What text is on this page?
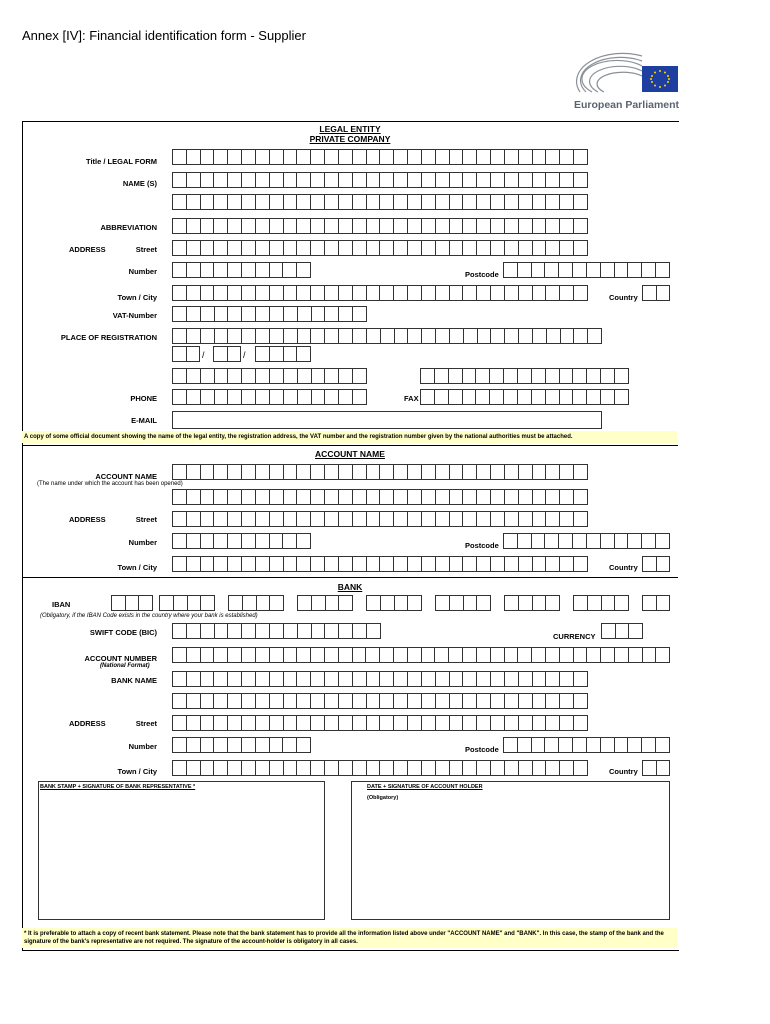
Annex [IV]: Financial identification form - Supplier
European Parliament
LEGAL ENTITY
PRIVATE COMPANY
Title / LEGAL FORM
NAME (S)
ABBREVIATION
ADDRESS	Street
Number	Postcode
Town / City	Country
VAT-Number
PLACE OF REGISTRATION
/	/
PHONE	FAX
E-MAIL
A copy of some official document showing the name of the legal entity, the registration address, the VAT number and the registration number given by the national authorities must be attached.
ACCOUNT NAME
ACCOUNT NAME
(The name under which the account has been opened)
ADDRESS	Street
Number	Postcode
Town / City	Country
BANK
IBAN
(Obligatory, if the IBAN Code exists in the country where your bank is established)
SWIFT CODE (BIC)	CURRENCY
ACCOUNT NUMBER
(National Format)
BANK NAME
ADDRESS	Street
Number	Postcode
Town / City	Country
BANK STAMP + SIGNATURE OF BANK REPRESENTATIVE *	DATE + SIGNATURE OF ACCOUNT HOLDER
(Obligatory)
* It is preferable to attach a copy of recent bank statement. Please note that the bank statement has to provide all the information listed above under "ACCOUNT NAME" and "BANK". In this case, the stamp of the bank and the signature of the bank's representative are not required. The signature of the account-holder is obligatory in all cases.
